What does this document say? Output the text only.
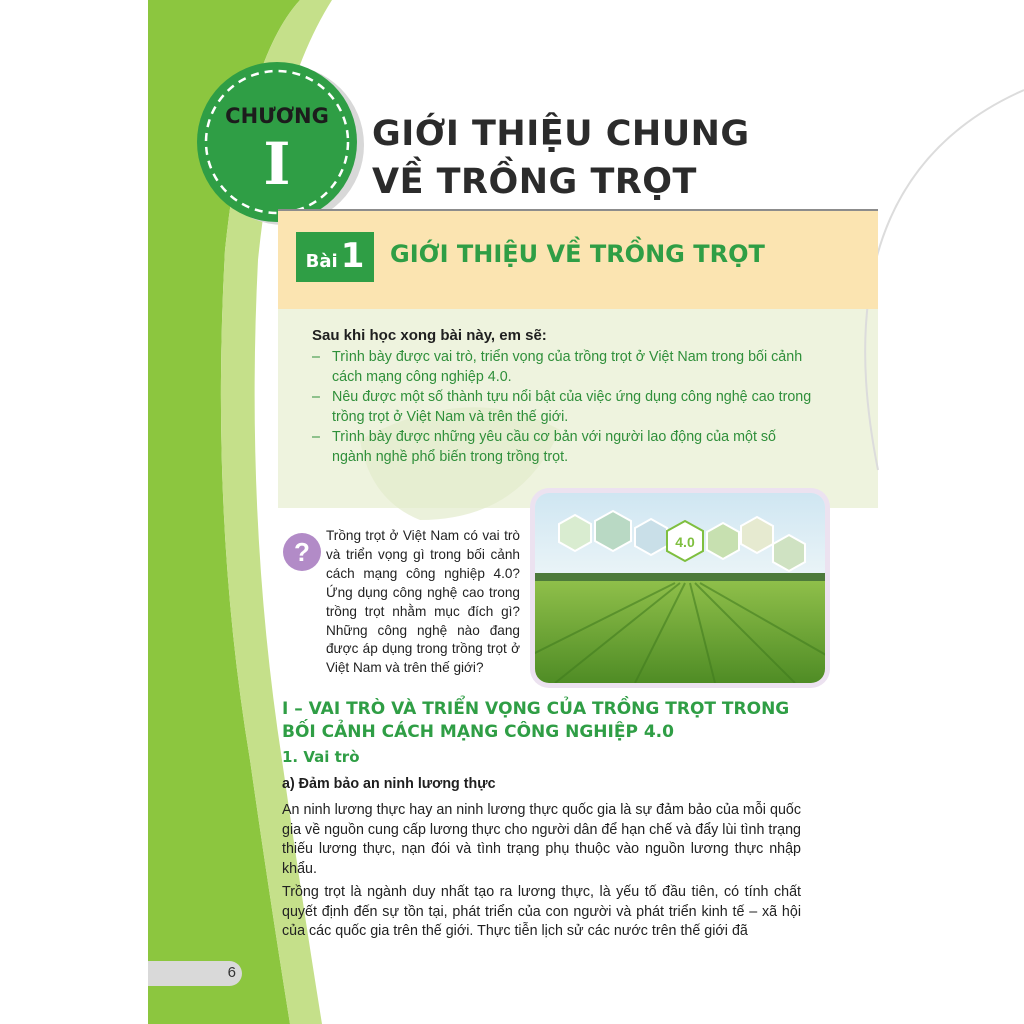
CHƯƠNG
I	GIỚI THIỆU CHUNG
VỀ TRỒNG TRỌT
Bài 1 GIỚI THIỆU VỀ TRỒNG TRỌT
Sau khi học xong bài này, em sẽ:
– Trình bày được vai trò, triển vọng của trồng trọt ở Việt Nam trong bối cảnh cách mạng công nghiệp 4.0.
– Nêu được một số thành tựu nổi bật của việc ứng dụng công nghệ cao trong trồng trọt ở Việt Nam và trên thế giới.
– Trình bày được những yêu cầu cơ bản với người lao động của một số ngành nghề phổ biến trong trồng trọt.
?
Trồng trọt ở Việt Nam có vai trò và triển vọng gì trong bối cảnh cách mạng công nghiệp 4.0? Ứng dụng công nghệ cao trong trồng trọt nhằm mục đích gì? Những công nghệ nào đang được áp dụng trong trồng trọt ở Việt Nam và trên thế giới?
4.0
I – VAI TRÒ VÀ TRIỂN VỌNG CỦA TRỒNG TRỌT TRONG BỐI CẢNH CÁCH MẠNG CÔNG NGHIỆP 4.0
1. Vai trò
a) Đảm bảo an ninh lương thực
An ninh lương thực hay an ninh lương thực quốc gia là sự đảm bảo của mỗi quốc gia về nguồn cung cấp lương thực cho người dân để hạn chế và đẩy lùi tình trạng thiếu lương thực, nạn đói và tình trạng phụ thuộc vào nguồn lương thực nhập khẩu.
Trồng trọt là ngành duy nhất tạo ra lương thực, là yếu tố đầu tiên, có tính chất quyết định đến sự tồn tại, phát triển của con người và phát triển kinh tế – xã hội của các quốc gia trên thế giới. Thực tiễn lịch sử các nước trên thế giới đã
6
